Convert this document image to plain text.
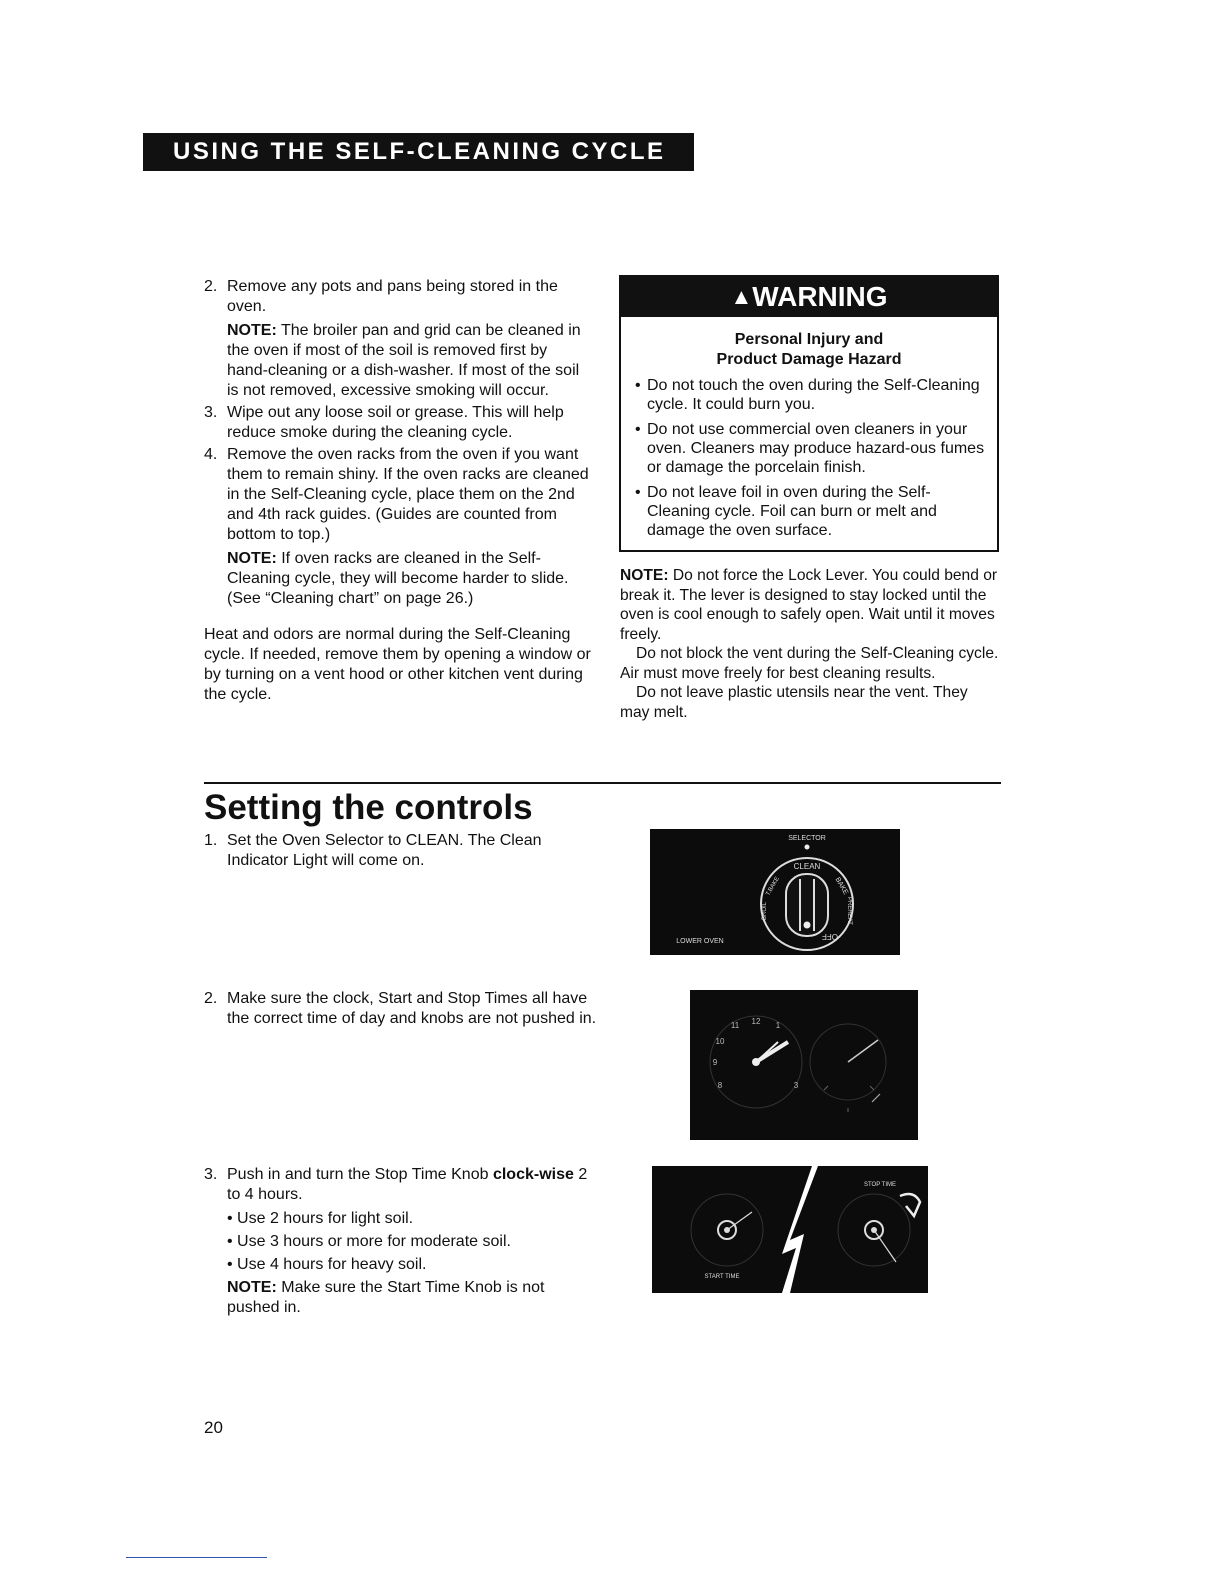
USING THE SELF-CLEANING CYCLE
2. Remove any pots and pans being stored in the oven.

NOTE: The broiler pan and grid can be cleaned in the oven if most of the soil is removed first by hand-cleaning or a dish-washer. If most of the soil is not removed, excessive smoking will occur.

3. Wipe out any loose soil or grease. This will help reduce smoke during the cleaning cycle.

4. Remove the oven racks from the oven if you want them to remain shiny. If the oven racks are cleaned in the Self-Cleaning cycle, place them on the 2nd and 4th rack guides. (Guides are counted from bottom to top.)

NOTE: If oven racks are cleaned in the Self-Cleaning cycle, they will become harder to slide. (See “Cleaning chart” on page 26.)

Heat and odors are normal during the Self-Cleaning cycle. If needed, remove them by opening a window or by turning on a vent hood or other kitchen vent during the cycle.

▲WARNING
Personal Injury and
Product Damage Hazard
• Do not touch the oven during the Self-Cleaning cycle. It could burn you.
• Do not use commercial oven cleaners in your oven. Cleaners may produce hazard-ous fumes or damage the porcelain finish.
• Do not leave foil in oven during the Self-Cleaning cycle. Foil can burn or melt and damage the oven surface.

NOTE: Do not force the Lock Lever. You could bend or break it. The lever is designed to stay locked until the oven is cool enough to safely open. Wait until it moves freely.

Do not block the vent during the Self-Cleaning cycle. Air must move freely for best cleaning results.

Do not leave plastic utensils near the vent. They may melt.

Setting the controls
1. Set the Oven Selector to CLEAN. The Clean Indicator Light will come on.

2. Make sure the clock, Start and Stop Times all have the correct time of day and knobs are not pushed in.

3. Push in and turn the Stop Time Knob clock-wise 2 to 4 hours.

• Use 2 hours for light soil.

• Use 3 hours or more for moderate soil.

• Use 4 hours for heavy soil.

NOTE: Make sure the Start Time Knob is not pushed in.

SELECTOR
CLEAN
BAKE
PREHEAT
T.BAKE
BROIL
OFF
LOWER OVEN
12
11	1
10
9
8	3
STOP TIME
START TIME
20
